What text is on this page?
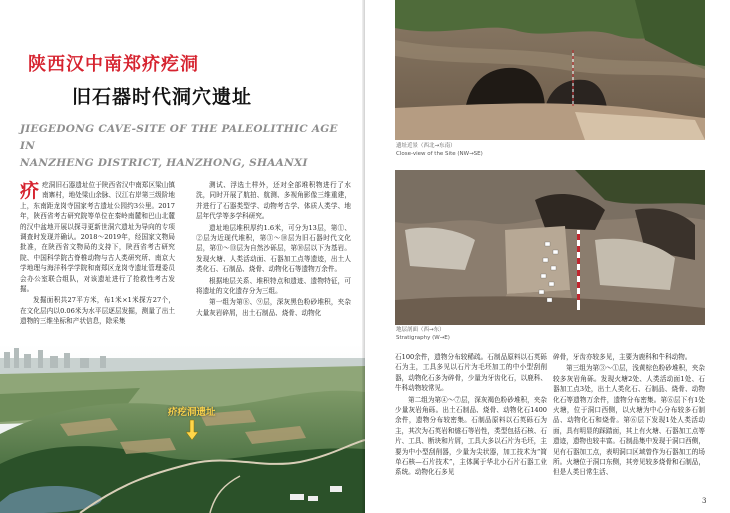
陕西汉中南郑疥疙洞
旧石器时代洞穴遗址
JIEGEDONG CAVE-SITE OF THE PALEOLITHIC AGE IN
NANZHENG DISTRICT, HANZHONG, SHAANXI

疥疙洞旧石器遗址位于陕西省汉中南郑区梁山镇南寨村，地处梁山余脉、汉江右岸第三级阶地上，东南距龙岗寺国家考古遗址公园约3公里。2017年，陕西省考古研究院等单位在秦岭南麓和巴山北麓的汉中盆地开展以探寻更新世洞穴遗址为导向的专项调查时发现并确认。2018～2019年，经国家文物局批准，在陕西省文物局的支持下，陕西省考古研究院、中国科学院古脊椎动物与古人类研究所、南京大学地理与海洋科学学院和南郑区龙岗寺遗址管理委员会办公室联合组队，对该遗址进行了抢救性考古发掘。

发掘面积共27平方米，布1米×1米探方27个，在文化层内以0.06米为水平层逐层发掘，测量了出土遗物的三维坐标和产状信息，除采集

测试、浮选土样外，还对全部堆积物进行了水洗，同时开展了航拍、航测、多视角影像三维重建，并进行了石器类型学、动物考古学、体质人类学、地层年代学等多学科研究。

遗址地层堆积厚约1.6米，可分为13层，第①、②层为近现代堆积，第③～⑩层为旧石器时代文化层，第⑪～⑬层为自然沙砾层，第⑩层以下为基岩。发现火塘、人类活动面、石器加工点等遗迹，出土人类化石、石制品、烧骨、动物化石等遗物万余件。

根据地层关系、堆积特点和遗迹、遗物特征，可将遗址的文化遗存分为三组。

第一组为第⑧、⑨层，深灰黑色粉砂堆积，夹杂大量灰岩碎屑，出土石制品、烧骨、动物化

疥疙洞遗址
遗址近景（西北→东南）
Close-view of the Site (NW→SE)
地层剖面（西→东）
Stratigraphy (W→E)

石100余件，遗物分布较稀疏。石制品原料以石英砾石为主，工具多见以石片为毛坯加工的中小型刮削器，动物化石多为碎骨，少量为牙齿化石，以鹿科、牛科动物较常见。

第二组为第④～⑦层，深灰褐色粉砂堆积，夹杂少量灰岩角砾。出土石制品、烧骨、动物化石1400余件，遗物分布较密集。石制品原料以石英砾石为主，其次为石英岩和燧石等岩性，类型包括石核、石片、工具、断块和片屑，工具大多以石片为毛坯，主要为中小型刮削器，少量为尖状器，加工技术为“简单石核—石片技术”，主体属于华北小石片石器工业系统。动物化石多见

碎骨，牙齿亦较多见，主要为鹿科和牛科动物。

第三组为第③～①层，浅黄棕色粉砂堆积，夹杂较多灰岩角砾。发现火塘2处、人类活动面1处、石器加工点3处，出土人类化石、石制品、烧骨、动物化石等遗物万余件，遗物分布密集。第⑥层下有1处火塘，位于洞口西侧，以火塘为中心分布较多石制品、动物化石和烧骨。第⑥层下发现1处人类活动面，具有明显的踩踏面，其上有火塘、石器加工点等遗迹，遗物也较丰富。石制品集中发现于洞口西侧，见有石器加工点，表明洞口区域曾作为石器加工的场所。火塘位于洞口东侧，其旁见较多烧骨和石制品，但是人类日常生活、

3
